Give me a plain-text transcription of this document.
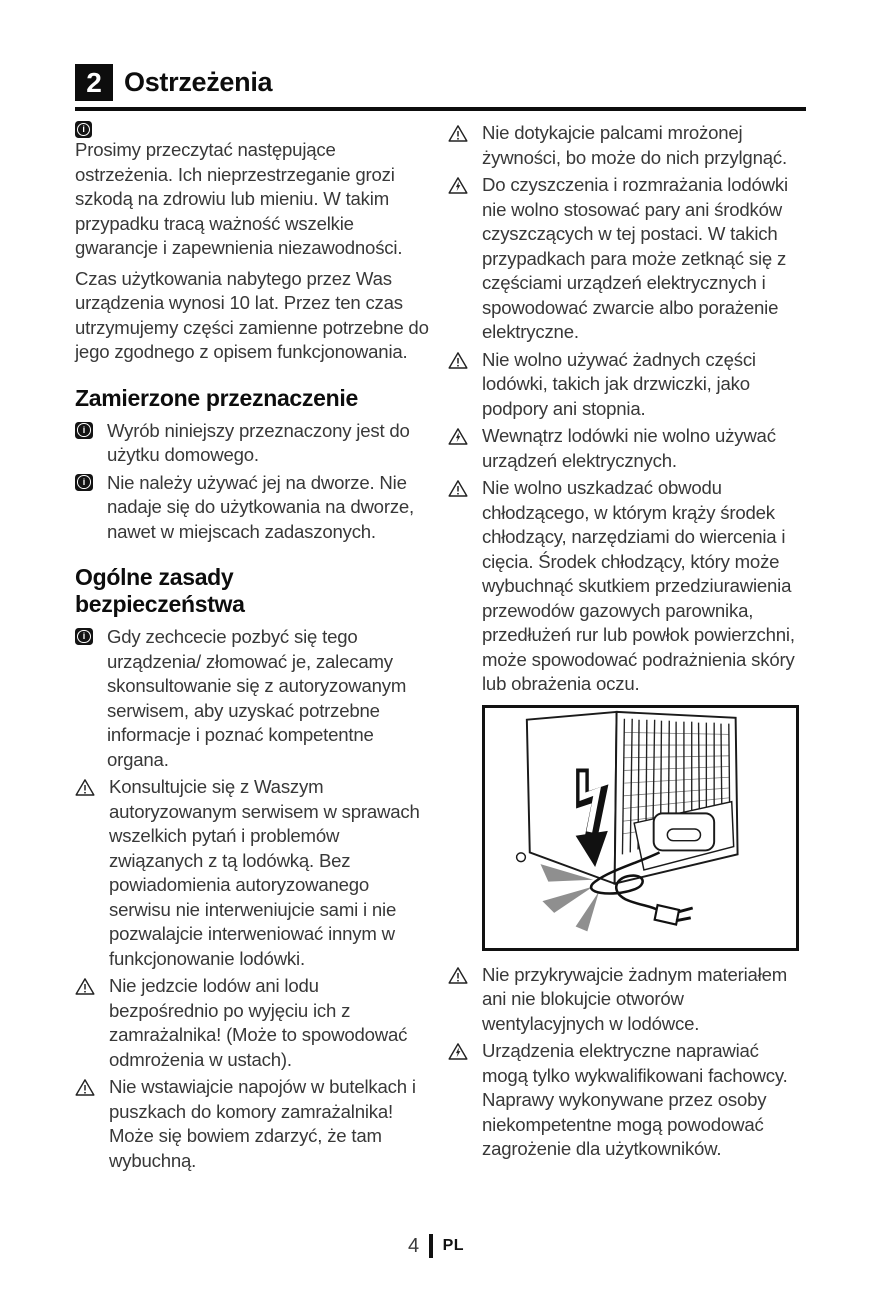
2 Ostrzeżenia

i
Prosimy przeczytać następujące ostrzeżenia. Ich nieprzestrzeganie grozi szkodą na zdrowiu lub mieniu. W takim przypadku tracą ważność wszelkie gwarancje i zapewnienia niezawodności.

Czas użytkowania nabytego przez Was urządzenia wynosi 10 lat. Przez ten czas utrzymujemy części zamienne potrzebne do jego zgodnego z opisem funkcjonowania.

Zamierzone przeznaczenie
i
Wyrób niniejszy przeznaczony jest do użytku domowego.
i
Nie należy używać jej na dworze. Nie nadaje się do użytkowania na dworze, nawet w miejscach zadaszonych.
Ogólne zasady
bezpieczeństwa
i
Gdy zechcecie pozbyć się tego urządzenia/ złomować je, zalecamy skonsultowanie się z autoryzowanym serwisem, aby uzyskać potrzebne informacje i poznać kompetentne organa.
Konsultujcie się z Waszym autoryzowanym serwisem w sprawach wszelkich pytań i problemów związanych z tą lodówką. Bez powiadomienia autoryzowanego serwisu nie interweniujcie sami i nie pozwalajcie interweniować innym w funkcjonowanie lodówki.
Nie jedzcie lodów ani lodu bezpośrednio po wyjęciu ich z zamrażalnika! (Może to spowodować odmrożenia w ustach).
Nie wstawiajcie napojów w butelkach i puszkach do komory zamrażalnika! Może się bowiem zdarzyć, że tam wybuchną.
Nie dotykajcie palcami mrożonej żywności, bo może do nich przylgnąć.
Do czyszczenia i rozmrażania lodówki nie wolno stosować pary ani środków czyszczących w tej postaci. W takich przypadkach para może zetknąć się z częściami urządzeń elektrycznych i spowodować zwarcie albo porażenie elektryczne.
Nie wolno używać żadnych części lodówki, takich jak drzwiczki, jako podpory ani stopnia.
Wewnątrz lodówki nie wolno używać urządzeń elektrycznych.
Nie wolno uszkadzać obwodu chłodzącego, w którym krąży środek chłodzący, narzędziami do wiercenia i cięcia. Środek chłodzący, który może wybuchnąć skutkiem przedziurawienia przewodów gazowych parownika, przedłużeń rur lub powłok powierzchni, może spowodować podrażnienia skóry lub obrażenia oczu.
Nie przykrywajcie żadnym materiałem ani nie blokujcie otworów wentylacyjnych w lodówce.
Urządzenia elektryczne naprawiać mogą tylko wykwalifikowani fachowcy. Naprawy wykonywane przez osoby niekompetentne mogą powodować zagrożenie dla użytkowników.
4 PL
